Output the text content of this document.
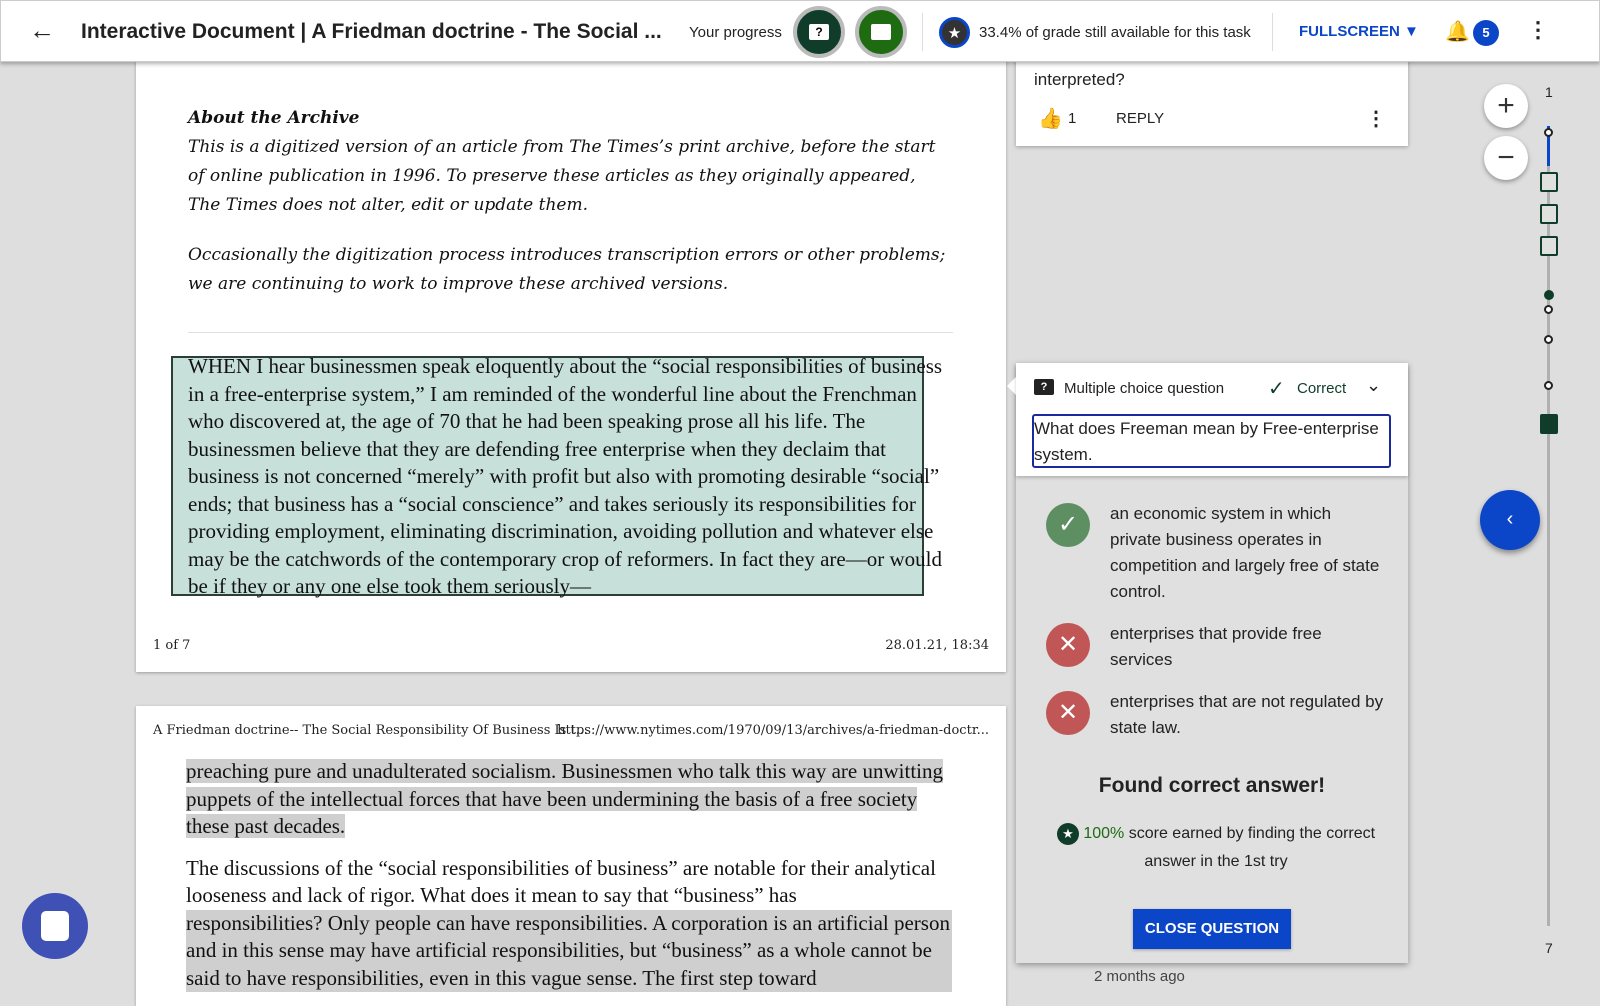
← Interactive Document | A Friedman doctrine - The Social ... Your progress	?	★	33.4% of grade still available for this task	FULLSCREEN ▼ 🔔 5	⋮
About the Archive
This is a digitized version of an article from The Times’s print archive, before the start of online publication in 1996. To preserve these articles as they originally appeared, The Times does not alter, edit or update them.
Occasionally the digitization process introduces transcription errors or other problems; we are continuing to work to improve these archived versions.
WHEN I hear businessmen speak eloquently about the “social responsibilities of business in a free-enterprise system,” I am reminded of the wonderful line about the Frenchman who discovered at, the age of 70 that he had been speaking prose all his life. The businessmen believe that they are defending free enterprise when they declaim that business is not concerned “merely” with profit but also with promoting desirable “social” ends; that business has a “social conscience” and takes seriously its responsibilities for providing employment, eliminating discrimination, avoiding pollution and whatever else may be the catchwords of the contemporary crop of reformers. In fact they are—or would be if they or any one else took them seriously—
1 of 7	28.01.21, 18:34
A Friedman doctrine-- The Social Responsibility Of Business Is t...
https://www.nytimes.com/1970/09/13/archives/a-friedman-doctr...
preaching pure and unadulterated socialism. Businessmen who talk this way are unwitting puppets of the intellectual forces that have been undermining the basis of a free society these past decades.
The discussions of the “social responsibilities of business” are notable for their analytical looseness and lack of rigor. What does it mean to say that “business” has
responsibilities? Only people can have responsibilities. A corporation is an artificial person and in this sense may have artificial responsibilities, but “business” as a whole cannot be said to have responsibilities, even in this vague sense. The first step toward
interpreted?
👍 1	REPLY	⋮
?	Multiple choice question ✓ Correct ⌄
What does Freeman mean by Free-enterprise system.
✓	an economic system in which private business operates in competition and largely free of state control.
✕	enterprises that provide free services
✕	enterprises that are not regulated by state law.
Found correct answer!
★ 100% score earned by finding the correct answer in the 1st try
CLOSE QUESTION
2 months ago
+
−
‹
1
7
